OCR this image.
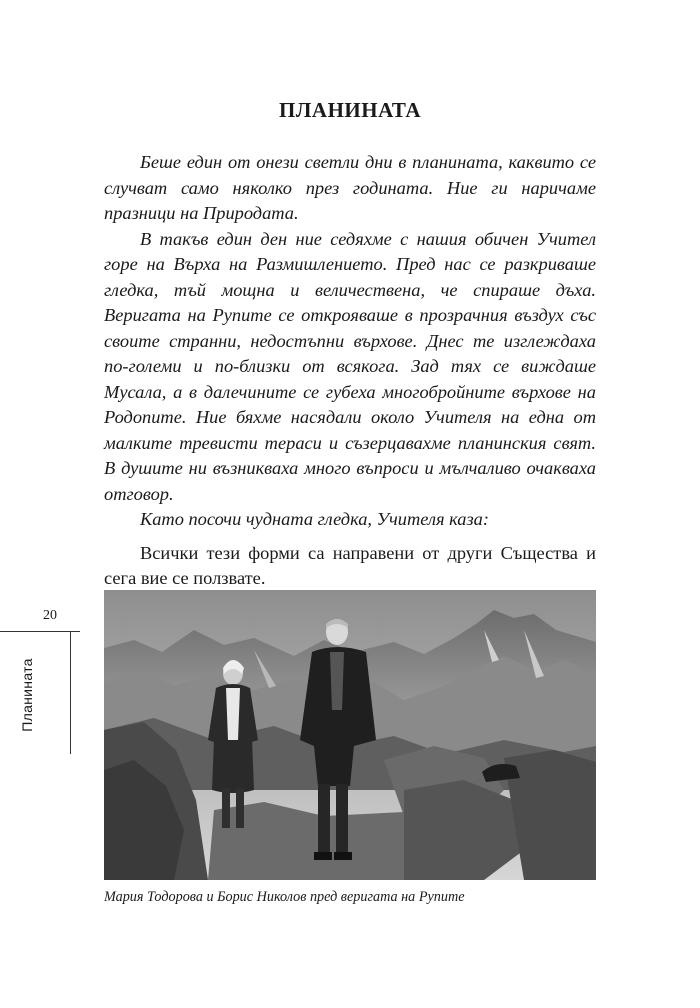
ПЛАНИНАТА

Беше един от онези светли дни в планината, каквито се случват само няколко през годината. Ние ги наричаме празници на Природата.

В такъв един ден ние седяхме с нашия обичен Учител горе на Върха на Размишлението. Пред нас се разкриваше гледка, тъй мощна и величествена, че спираше дъха. Веригата на Рупите се открояваше в прозрачния въздух със своите странни, недостъпни върхове. Днес те изглеждаха по-големи и по-близки от всякога. Зад тях се виждаше Мусала, а в далечините се губеха многобройните върхове на Родопите. Ние бяхме насядали около Учителя на една от малките тревисти тераси и съзерцавахме планинския свят. В душите ни възникваха много въпроси и мълчаливо очакваха отговор.

Като посочи чудната гледка, Учителя каза:

Всички тези форми са направени от други Същества и сега вие се ползвате.

20
Планината
Мария Тодорова и Борис Николов пред веригата на Рупите
